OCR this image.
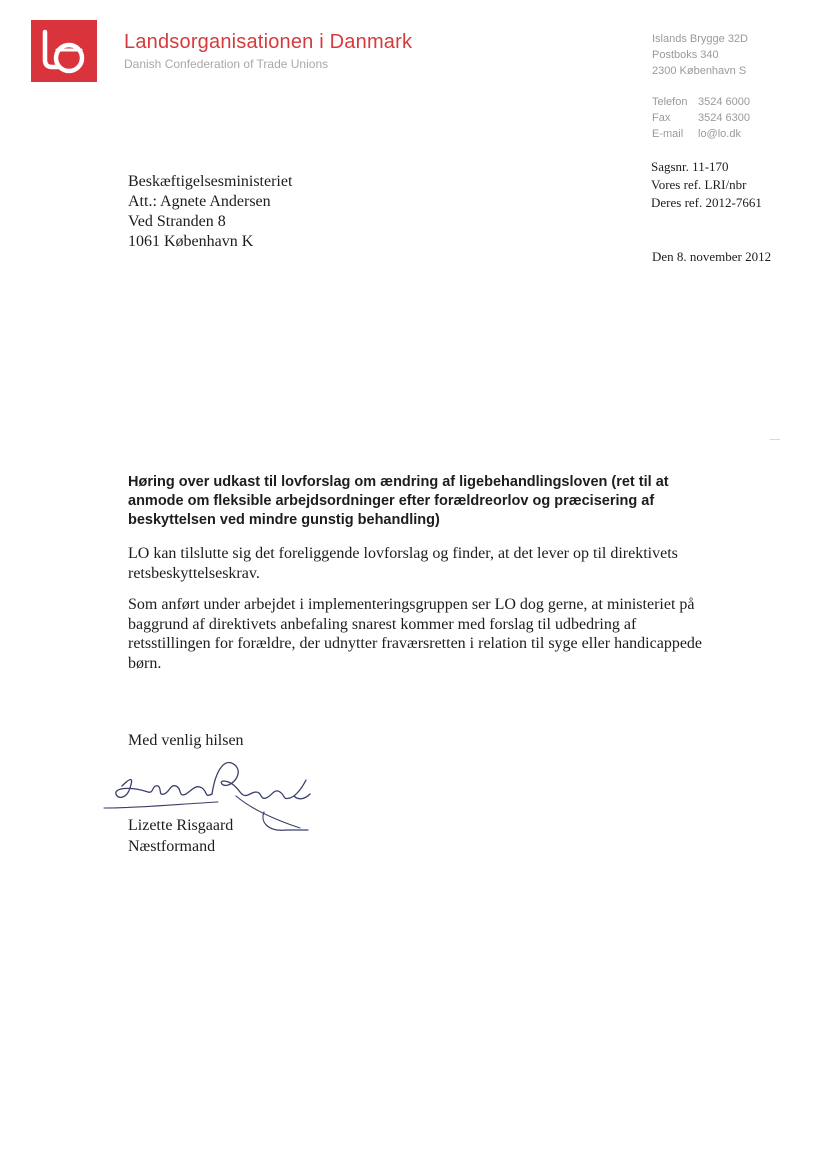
Landsorganisationen i Danmark
Danish Confederation of Trade Unions
Islands Brygge 32D
Postboks 340
2300 København S
Telefon 3524 6000
Fax	3524 6300
E-mail	lo@lo.dk
Sagsnr. 11-170
Vores ref. LRI/nbr
Deres ref. 2012-7661
Beskæftigelsesministeriet
Att.: Agnete Andersen
Ved Stranden 8
1061 København K
Den 8. november 2012
Høring over udkast til lovforslag om ændring af ligebehandlingsloven (ret til at anmode om fleksible arbejdsordninger efter forældreorlov og præcisering af beskyttelsen ved mindre gunstig behandling)
LO kan tilslutte sig det foreliggende lovforslag og finder, at det lever op til direktivets retsbeskyttelseskrav.
Som anført under arbejdet i implementeringsgruppen ser LO dog gerne, at ministeriet på baggrund af direktivets anbefaling snarest kommer med forslag til udbedring af retsstillingen for forældre, der udnytter fraværsretten i relation til syge eller handicappede børn.
Med venlig hilsen
Lizette Risgaard
Næstformand
